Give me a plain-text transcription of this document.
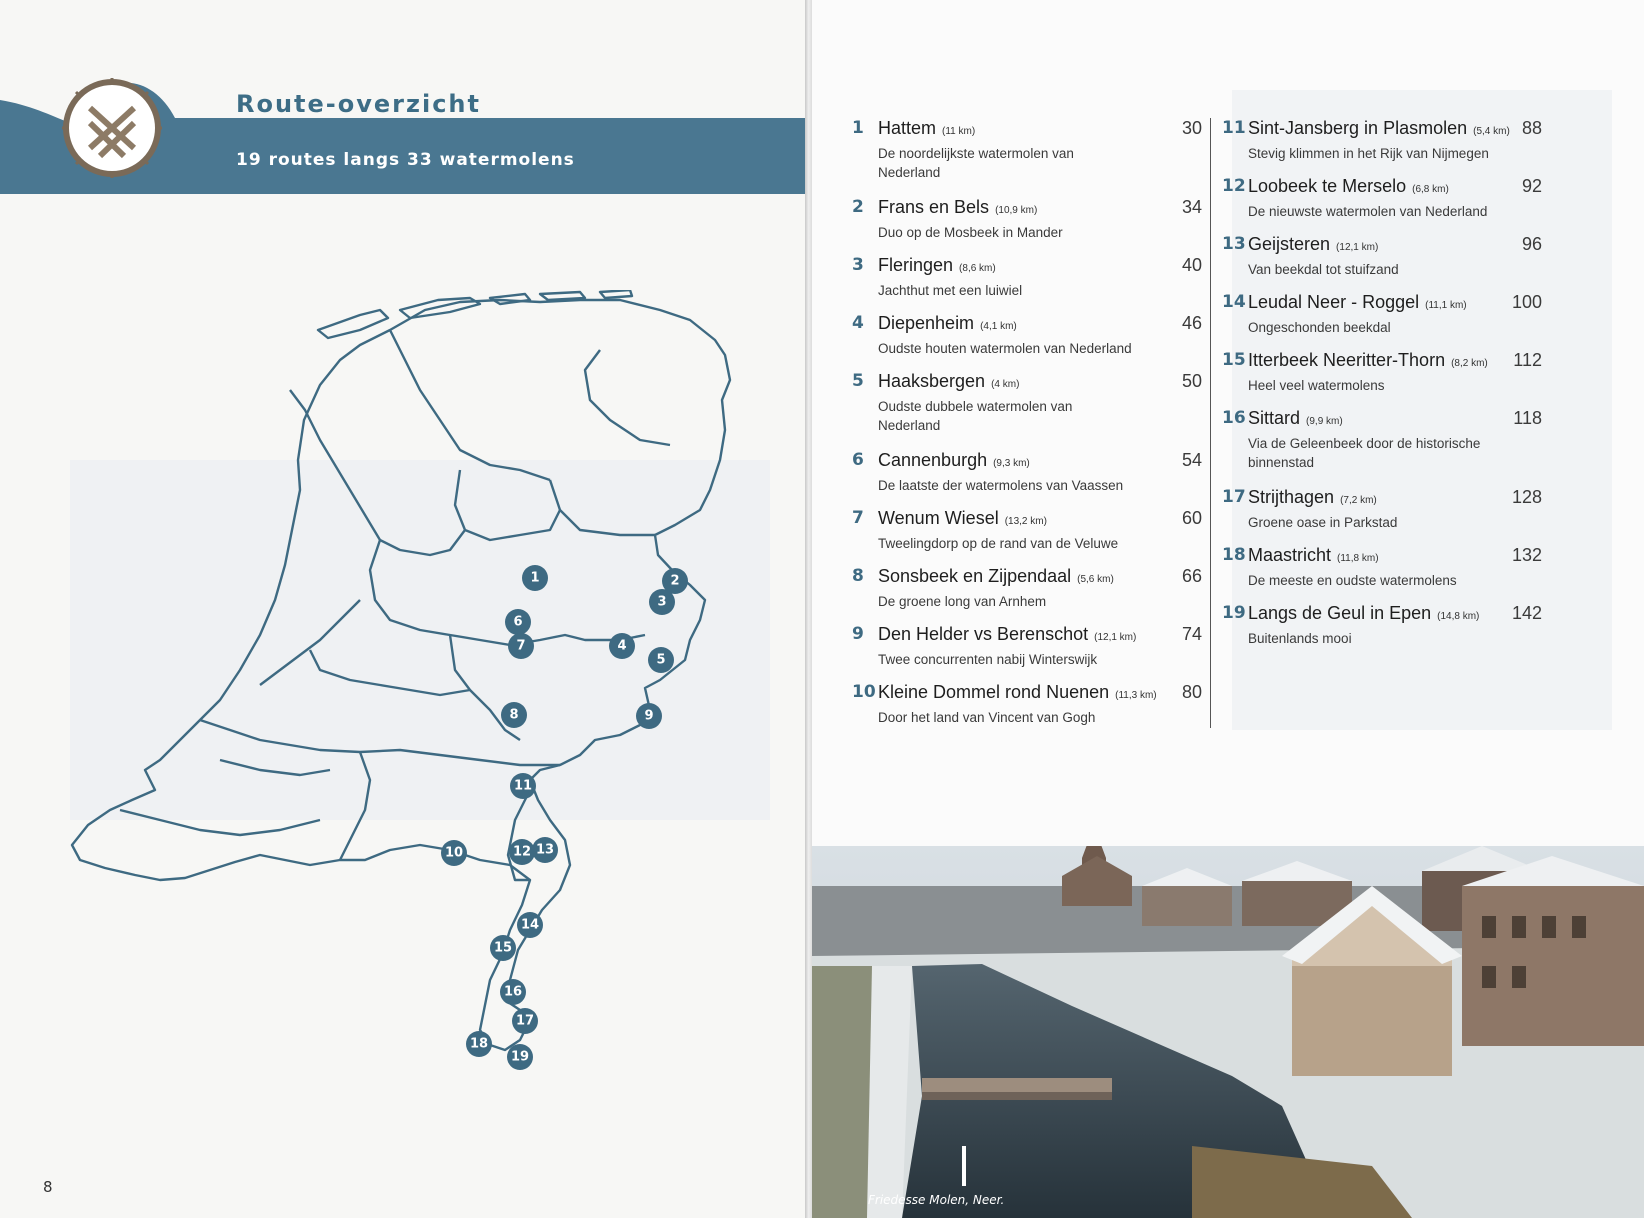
Route-overzicht
19 routes langs 33 watermolens
1	2
3
4
5
6
7
8	9
10
11
12 13
14
15
16
17
18
19
8
1 Hattem (11 km)
De noordelijkste watermolen van Nederland
30
2 Frans en Bels (10,9 km)
Duo op de Mosbeek in Mander
34
3 Fleringen (8,6 km)
Jachthut met een luiwiel
40
4 Diepenheim (4,1 km)
Oudste houten watermolen van Nederland
46
5 Haaksbergen (4 km)
Oudste dubbele watermolen van Nederland
50
6 Cannenburgh (9,3 km)
De laatste der watermolens van Vaassen
54
7 Wenum Wiesel (13,2 km)
Tweelingdorp op de rand van de Veluwe
60
8 Sonsbeek en Zijpendaal (5,6 km)
De groene long van Arnhem
66
9 Den Helder vs Berenschot (12,1 km)
Twee concurrenten nabij Winterswijk
74
10 Kleine Dommel rond Nuenen (11,3 km)
Door het land van Vincent van Gogh
80
11 Sint-Jansberg in Plasmolen (5,4 km)
Stevig klimmen in het Rijk van Nijmegen
88
12 Loobeek te Merselo (6,8 km)
De nieuwste watermolen van Nederland
92
13 Geijsteren (12,1 km)
Van beekdal tot stuifzand
96
14 Leudal Neer - Roggel (11,1 km)
Ongeschonden beekdal
100
15 Itterbeek Neeritter-Thorn (8,2 km)
Heel veel watermolens
112
16 Sittard (9,9 km)
Via de Geleenbeek door de historische binnenstad
118
17 Strijthagen (7,2 km)
Groene oase in Parkstad
128
18 Maastricht (11,8 km)
De meeste en oudste watermolens
132
19 Langs de Geul in Epen (14,8 km)
Buitenlands mooi
142
Friedesse Molen, Neer.
